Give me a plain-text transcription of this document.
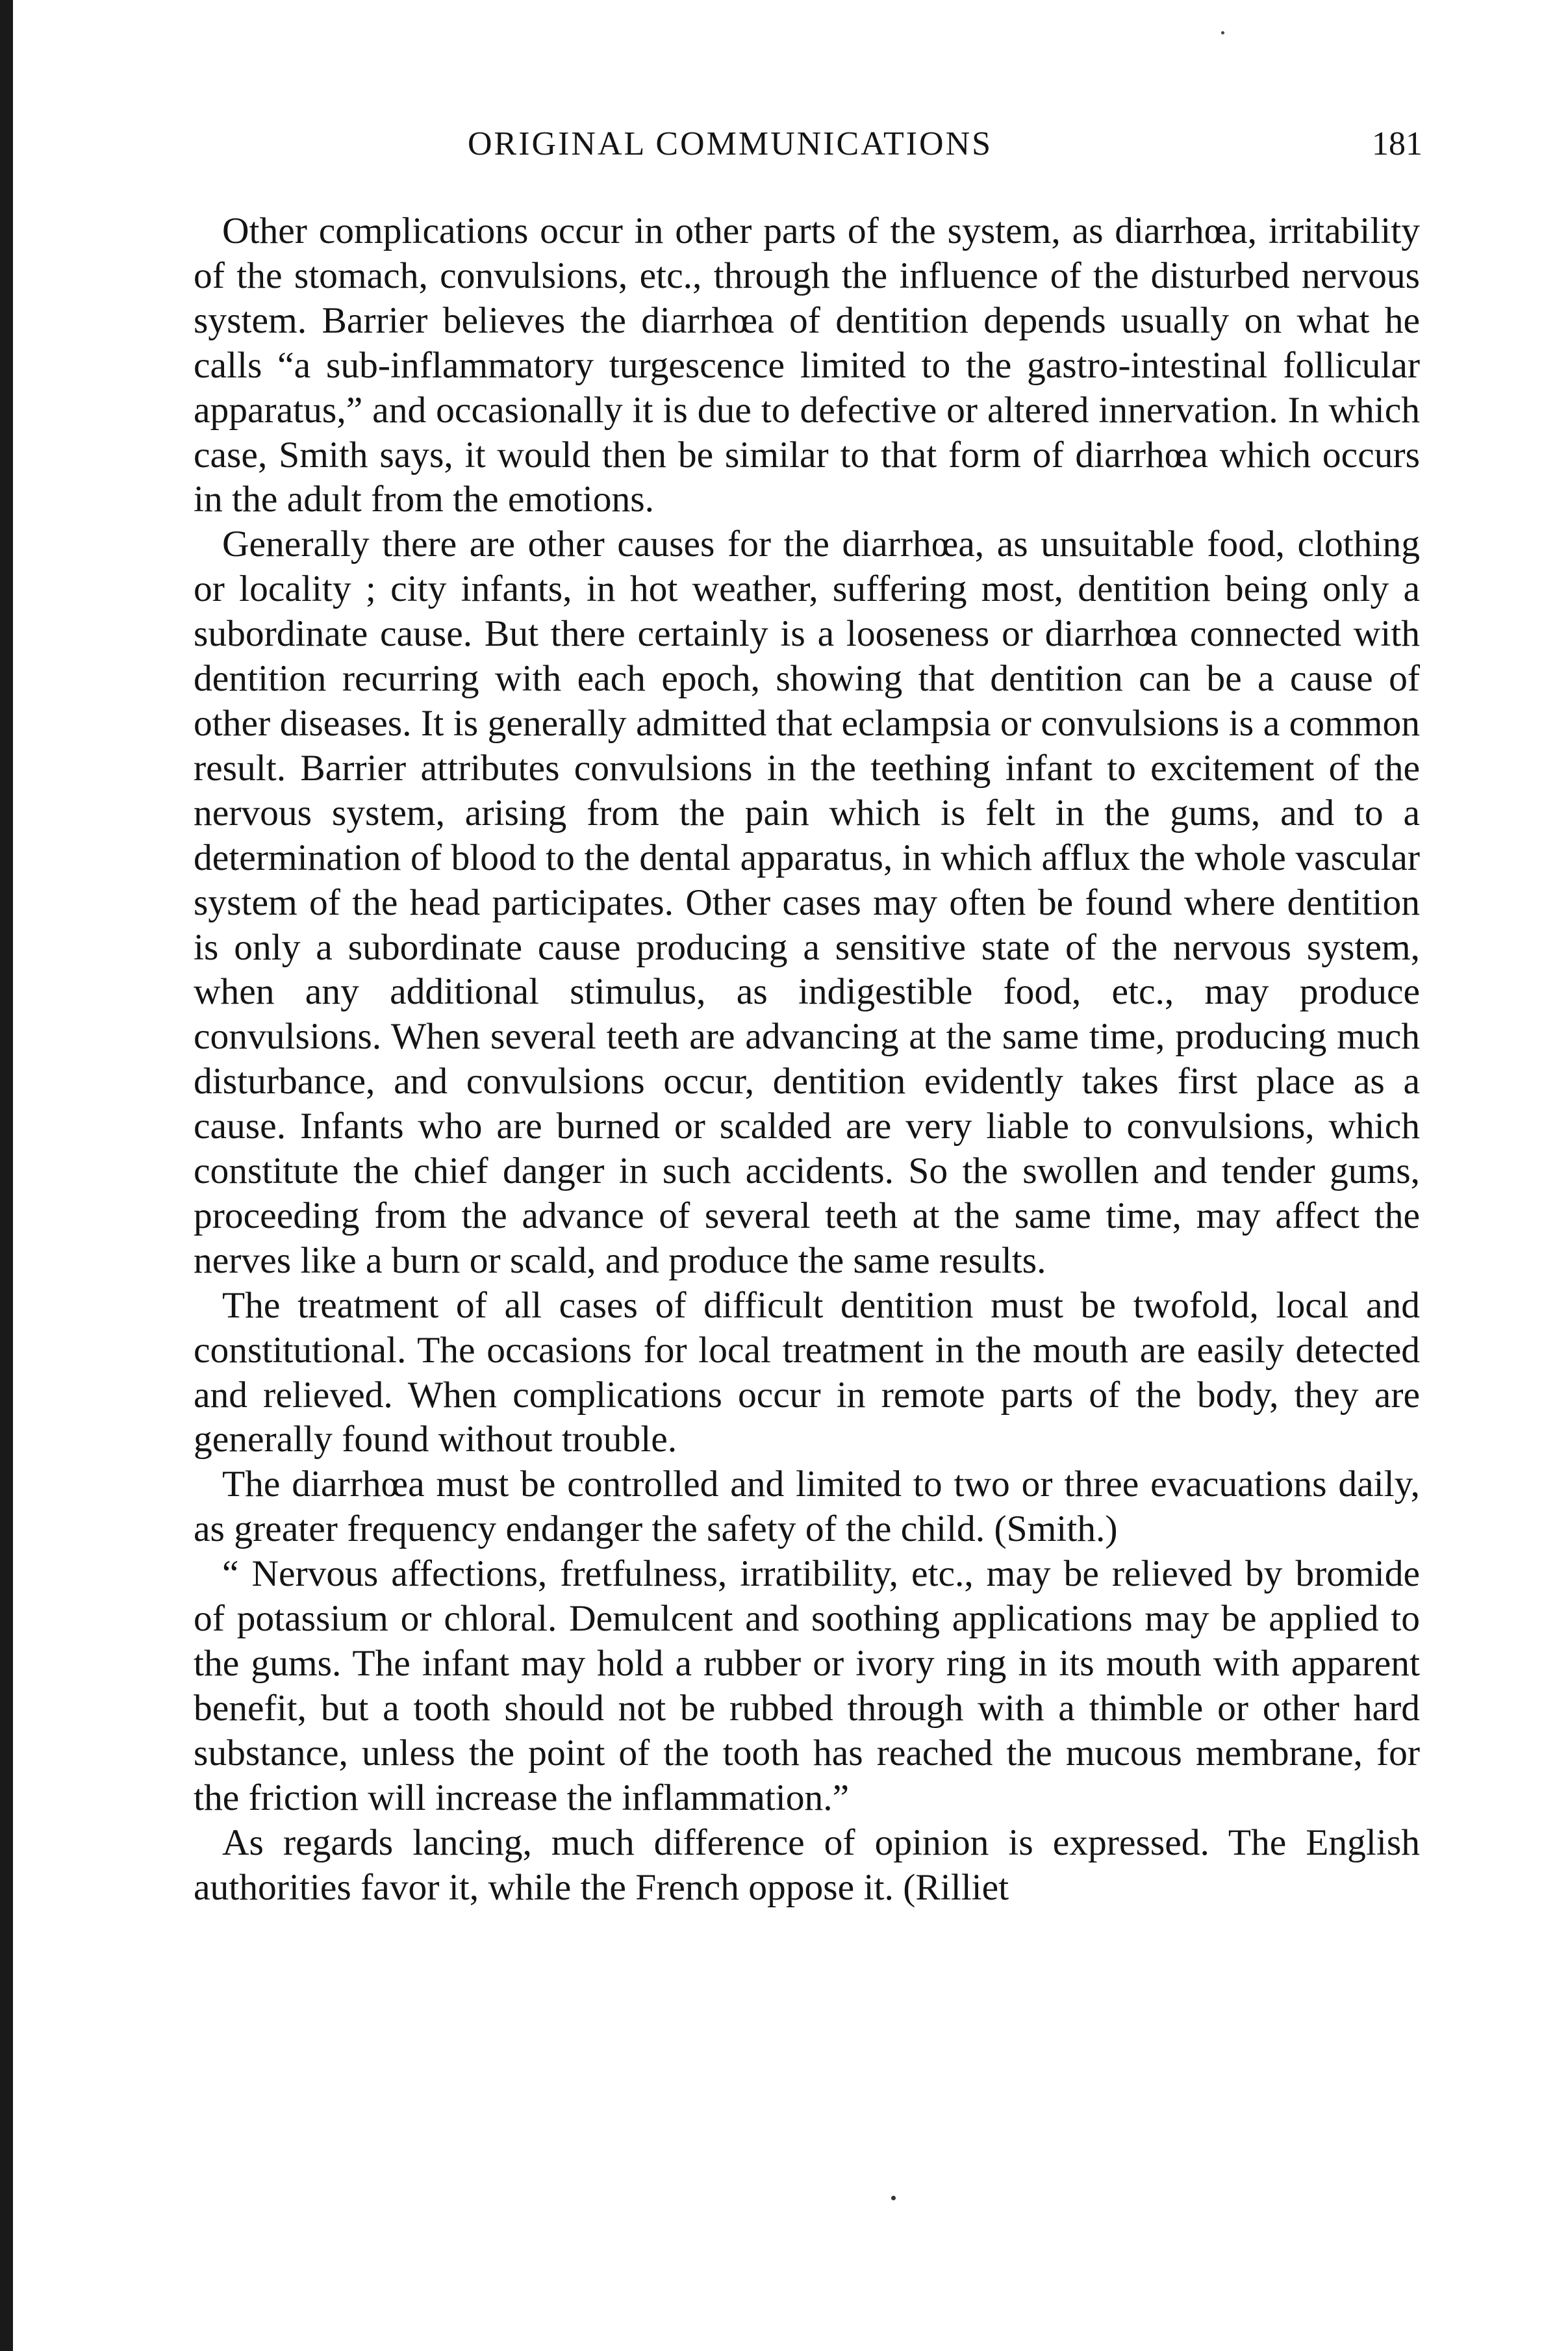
ORIGINAL COMMUNICATIONS	181

Other complications occur in other parts of the system, as diarrhœa, irritability of the stomach, convulsions, etc., through the influence of the disturbed nervous system. Barrier believes the diarrhœa of dentition depends usually on what he calls “a sub-inflammatory turgescence limited to the gastro-intestinal follicular apparatus,” and occasionally it is due to defective or altered innervation. In which case, Smith says, it would then be similar to that form of diarrhœa which occurs in the adult from the emotions.

Generally there are other causes for the diarrhœa, as unsuitable food, clothing or locality ; city infants, in hot weather, suffering most, dentition being only a subordinate cause. But there certainly is a looseness or diarrhœa connected with dentition recurring with each epoch, showing that dentition can be a cause of other diseases. It is generally admitted that eclampsia or convulsions is a common result. Barrier attributes convulsions in the teething infant to excitement of the nervous system, arising from the pain which is felt in the gums, and to a determination of blood to the dental apparatus, in which afflux the whole vascular system of the head participates. Other cases may often be found where dentition is only a subordinate cause producing a sensitive state of the nervous system, when any additional stimulus, as indigestible food, etc., may produce convulsions. When several teeth are advancing at the same time, producing much disturbance, and convulsions occur, dentition evidently takes first place as a cause. Infants who are burned or scalded are very liable to convulsions, which constitute the chief danger in such accidents. So the swollen and tender gums, proceeding from the advance of several teeth at the same time, may affect the nerves like a burn or scald, and produce the same results.

The treatment of all cases of difficult dentition must be twofold, local and constitutional. The occasions for local treatment in the mouth are easily detected and relieved. When complications occur in remote parts of the body, they are generally found without trouble.

The diarrhœa must be controlled and limited to two or three evacuations daily, as greater frequency endanger the safety of the child. (Smith.)

“ Nervous affections, fretfulness, irratibility, etc., may be relieved by bromide of potassium or chloral. Demulcent and soothing applications may be applied to the gums. The infant may hold a rubber or ivory ring in its mouth with apparent benefit, but a tooth should not be rubbed through with a thimble or other hard substance, unless the point of the tooth has reached the mucous membrane, for the friction will increase the inflammation.”

As regards lancing, much difference of opinion is expressed. The English authorities favor it, while the French oppose it. (Rilliet
